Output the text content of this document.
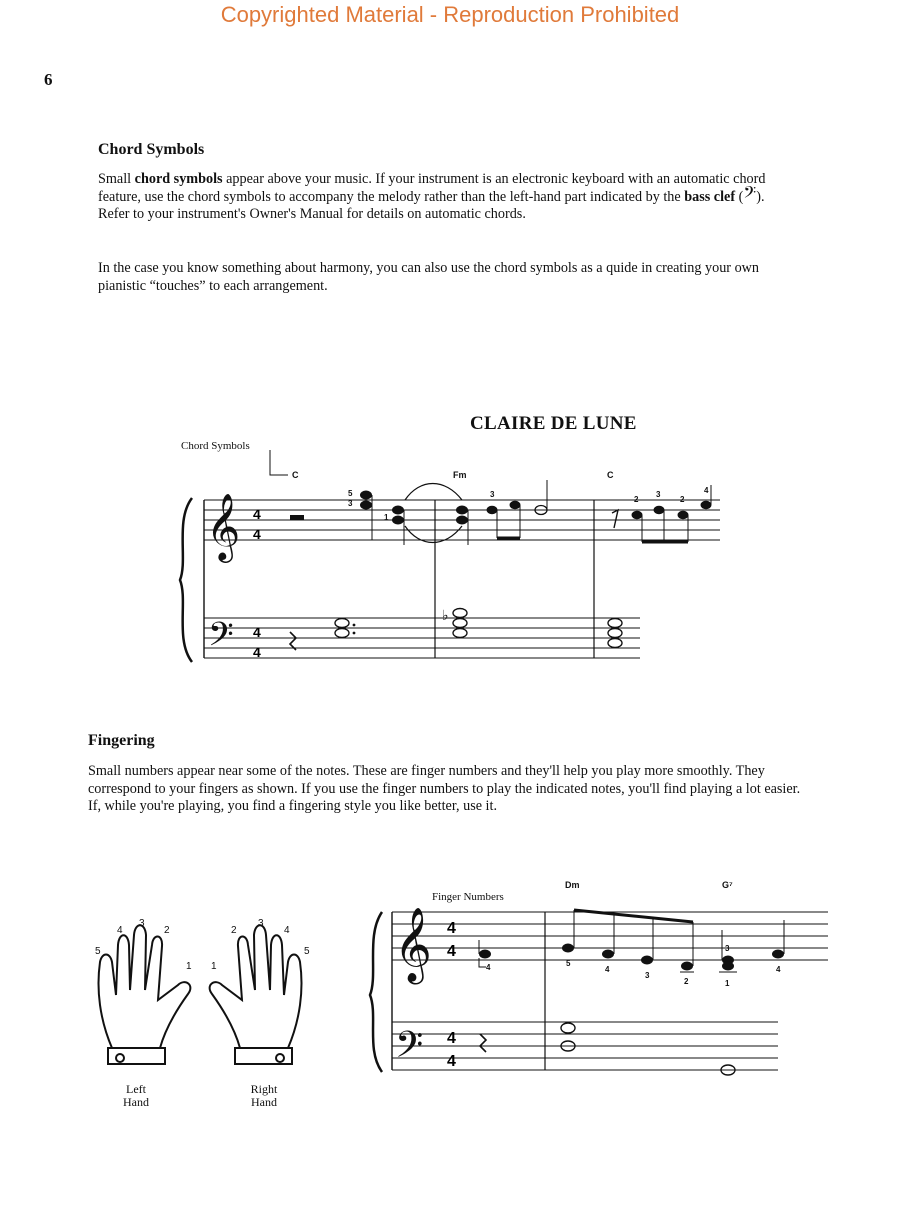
Copyrighted Material - Reproduction Prohibited
6
Chord Symbols
Small chord symbols appear above your music. If your instrument is an electronic keyboard with an automatic chord feature, use the chord symbols to accompany the melody rather than the left-hand part indicated by the bass clef (𝄢). Refer to your instrument's Owner's Manual for details on automatic chords.
In the case you know something about harmony, you can also use the chord symbols as a quide in creating your own pianistic “touches” to each arrangement.
CLAIRE DE LUNE
Chord Symbols
C	Fm	C
𝄞
𝄢
4
4
4
4
5
3
1
3
2
3
2
4
♭
Fingering
Small numbers appear near some of the notes. These are finger numbers and they'll help you play more smoothly. They correspond to your fingers as shown. If you use the finger numbers to play the indicated notes, you'll find playing a lot easier. If, while you're playing, you find a fingering style you like better, use it.
5
4
3
2
1 1
2
3
4
5
Left
Hand
Right
Hand
Finger Numbers
Dm	G⁷
𝄞
𝄢
4
4
4
4
4	5
4
3
2
3
1
4
